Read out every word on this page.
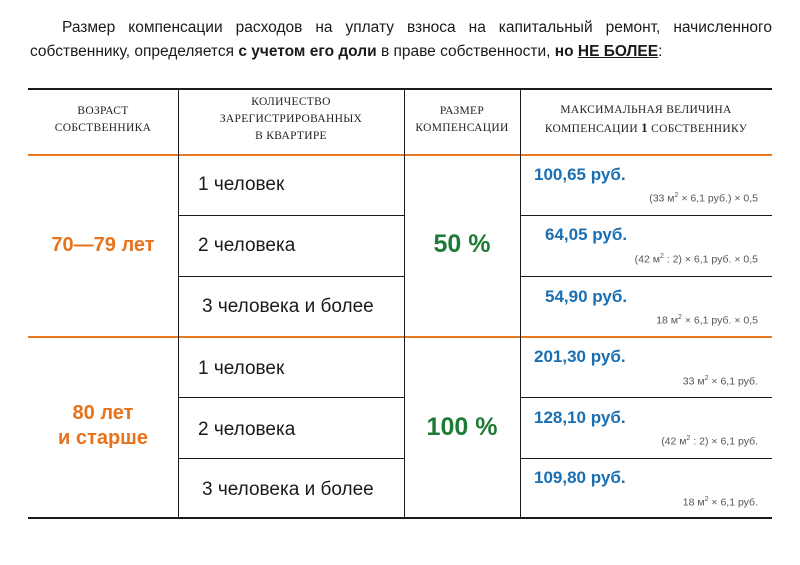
Размер компенсации расходов на уплату взноса на капитальный ремонт, начисленного собственнику, определяется с учетом его доли в праве собственности, но НЕ БОЛЕЕ:
ВОЗРАСТ
СОБСТВЕННИКА
КОЛИЧЕСТВО
ЗАРЕГИСТРИРОВАННЫХ
В КВАРТИРЕ
РАЗМЕР
КОМПЕНСАЦИИ
МАКСИМАЛЬНАЯ ВЕЛИЧИНА
КОМПЕНСАЦИИ 1 СОБСТВЕННИКУ
70—79 лет	50 %
1 человек
2 человека
3 человека и более
100,65 руб.
(33 $м^2 \times 6,1$ руб.) × 0,5
64,05 руб.
(42 $м^2$ : 2) × 6,1 руб. × 0,5
54,90 руб.
18 $м^2 \times 6,1$ руб. × 0,5
80 лет
и старше	100 %
1 человек
2 человека
3 человека и более
201,30 руб.
33 $м^2 \times 6,1$ руб.
128,10 руб.
(42 $м^2$ : 2) × 6,1 руб.
109,80 руб.
18 $м^2 \times 6,1$ руб.
